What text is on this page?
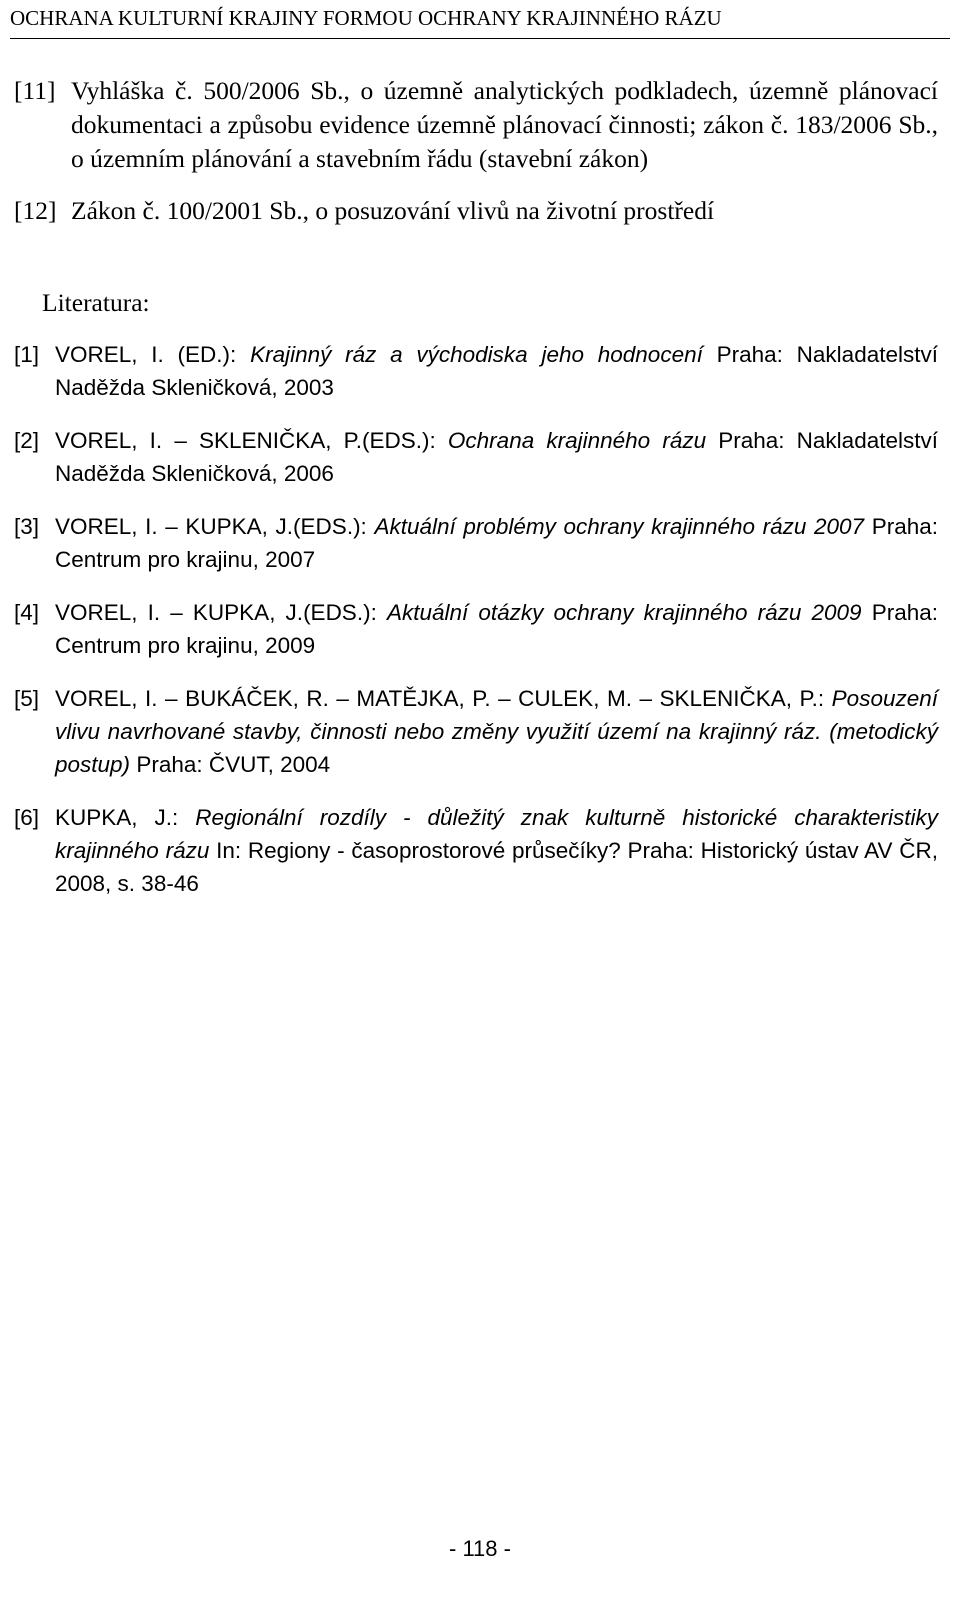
OCHRANA KULTURNÍ KRAJINY FORMOU OCHRANY KRAJINNÉHO RÁZU
[11] Vyhláška č. 500/2006 Sb., o územně analytických podkladech, územně plánovací dokumentaci a způsobu evidence územně plánovací činnosti; zákon č. 183/2006 Sb., o územním plánování a stavebním řádu (stavební zákon)
[12] Zákon č. 100/2001 Sb., o posuzování vlivů na životní prostředí
Literatura:
[1] VOREL, I. (ED.): Krajinný ráz a východiska jeho hodnocení Praha: Nakladatelství Naděžda Skleničková, 2003
[2] VOREL, I. – SKLENIČKA, P.(EDS.): Ochrana krajinného rázu Praha: Nakladatelství Naděžda Skleničková, 2006
[3] VOREL, I. – KUPKA, J.(EDS.): Aktuální problémy ochrany krajinného rázu 2007 Praha: Centrum pro krajinu, 2007
[4] VOREL, I. – KUPKA, J.(EDS.): Aktuální otázky ochrany krajinného rázu 2009 Praha: Centrum pro krajinu, 2009
[5] VOREL, I. – BUKÁČEK, R. – MATĚJKA, P. – CULEK, M. – SKLENIČKA, P.: Posouzení vlivu navrhované stavby, činnosti nebo změny využití území na krajinný ráz. (metodický postup) Praha: ČVUT, 2004
[6] KUPKA, J.: Regionální rozdíly - důležitý znak kulturně historické charakteristiky krajinného rázu In: Regiony - časoprostorové průsečíky? Praha: Historický ústav AV ČR, 2008, s. 38-46
- 118 -
